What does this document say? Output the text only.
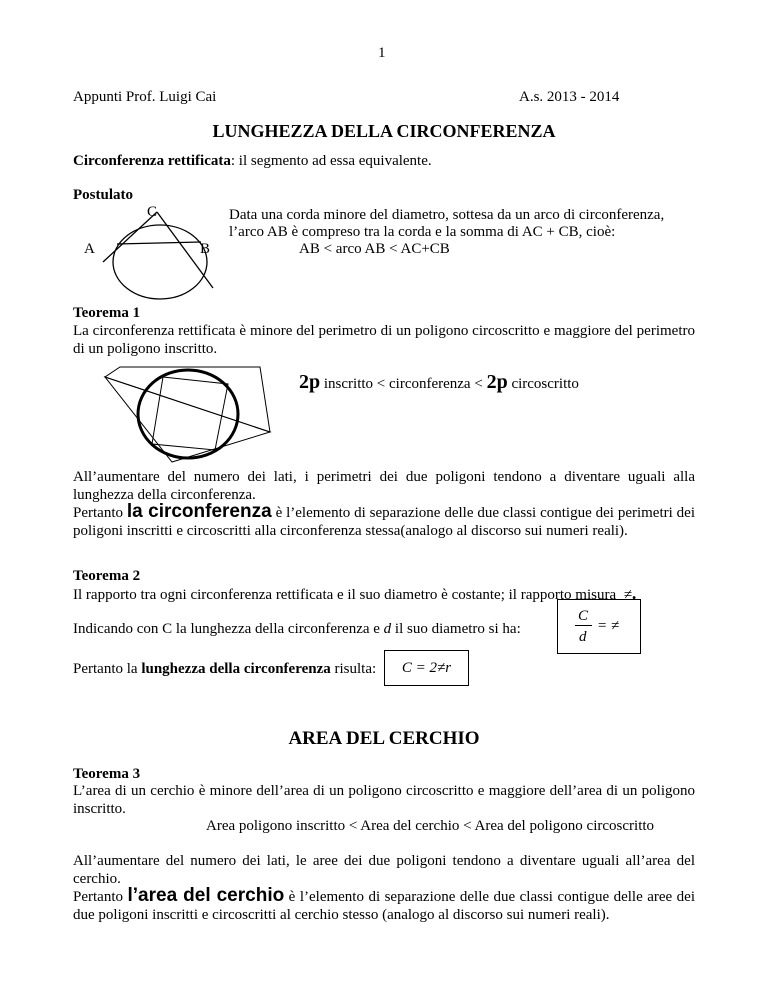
1
Appunti Prof. Luigi Cai	A.s. 2013 - 2014
LUNGHEZZA DELLA CIRCONFERENZA
Circonferenza rettificata: il segmento ad essa equivalente.
Postulato
C
A	B
Data una corda minore del diametro, sottesa da un arco di circonferenza,
l’arco AB è compreso tra la corda e la somma di AC + CB, cioè:
AB < arco AB < AC+CB
Teorema 1
La circonferenza rettificata è minore del perimetro di un poligono circoscritto e maggiore del perimetro di un poligono inscritto.
2p inscritto < circonferenza < 2p circoscritto
All’aumentare del numero dei lati, i perimetri dei due poligoni tendono a diventare uguali alla lunghezza della circonferenza.
Pertanto la circonferenza è l’elemento di separazione delle due classi contigue dei perimetri dei poligoni inscritti e circoscritti alla circonferenza stessa(analogo al discorso sui numeri reali).
Teorema 2
Il rapporto tra ogni circonferenza rettificata e il suo diametro è costante; il rapporto misura ≠.
Indicando con C la lunghezza della circonferenza e d il suo diametro si ha:
C
d
= ≠
Pertanto la lunghezza della circonferenza risulta:	C = 2≠r
AREA DEL CERCHIO
Teorema 3
L’area di un cerchio è minore dell’area di un poligono circoscritto e maggiore dell’area di un poligono inscritto.
Area poligono inscritto < Area del cerchio < Area del poligono circoscritto
All’aumentare del numero dei lati, le aree dei due poligoni tendono a diventare uguali all’area del cerchio.
Pertanto l’area del cerchio è l’elemento di separazione delle due classi contigue delle aree dei due poligoni inscritti e circoscritti al cerchio stesso (analogo al discorso sui numeri reali).
